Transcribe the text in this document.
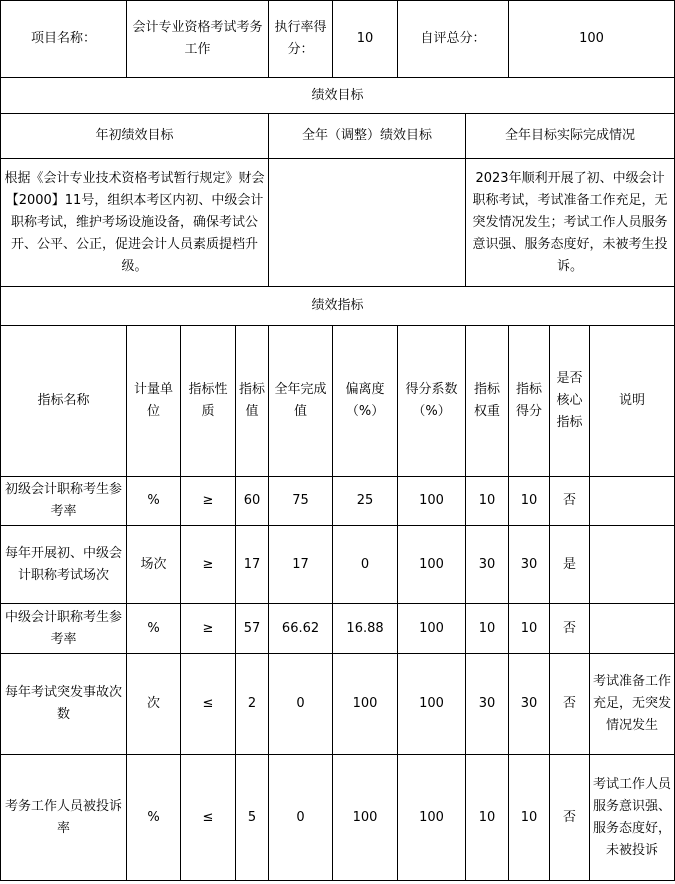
项目名称：	会计专业资格考试考务工作			执行率得分：	10	自评总分：		100		
绩效目标										
年初绩效目标				全年（调整）绩效目标			全年目标实际完成情况			
根据《会计专业技术资格考试暂行规定》财会【2000】11号，组织本考区内初、中级会计职称考试，维护考场设施设备，确保考试公开、公平、公正，促进会计人员素质提档升级。							2023年顺利开展了初、中级会计职称考试，考试准备工作充足，无突发情况发生；考试工作人员服务意识强、服务态度好，未被考生投诉。			
绩效指标										
指标名称	计量单位	指标性质	指标值	全年完成值	偏离度（%）	得分系数（%）	指标权重	指标得分	是否核心指标	说明
初级会计职称考生参考率	%	≥	60	75	25	100	10	10	否	
每年开展初、中级会计职称考试场次	场次	≥	17	17	0	100	30	30	是	
中级会计职称考生参考率	%	≥	57	66.62	16.88	100	10	10	否	
每年考试突发事故次数	次	≤	2	0	100	100	30	30	否	考试准备工作充足，无突发情况发生
考务工作人员被投诉率	%	≤	5	0	100	100	10	10	否	考试工作人员服务意识强、服务态度好，未被投诉
